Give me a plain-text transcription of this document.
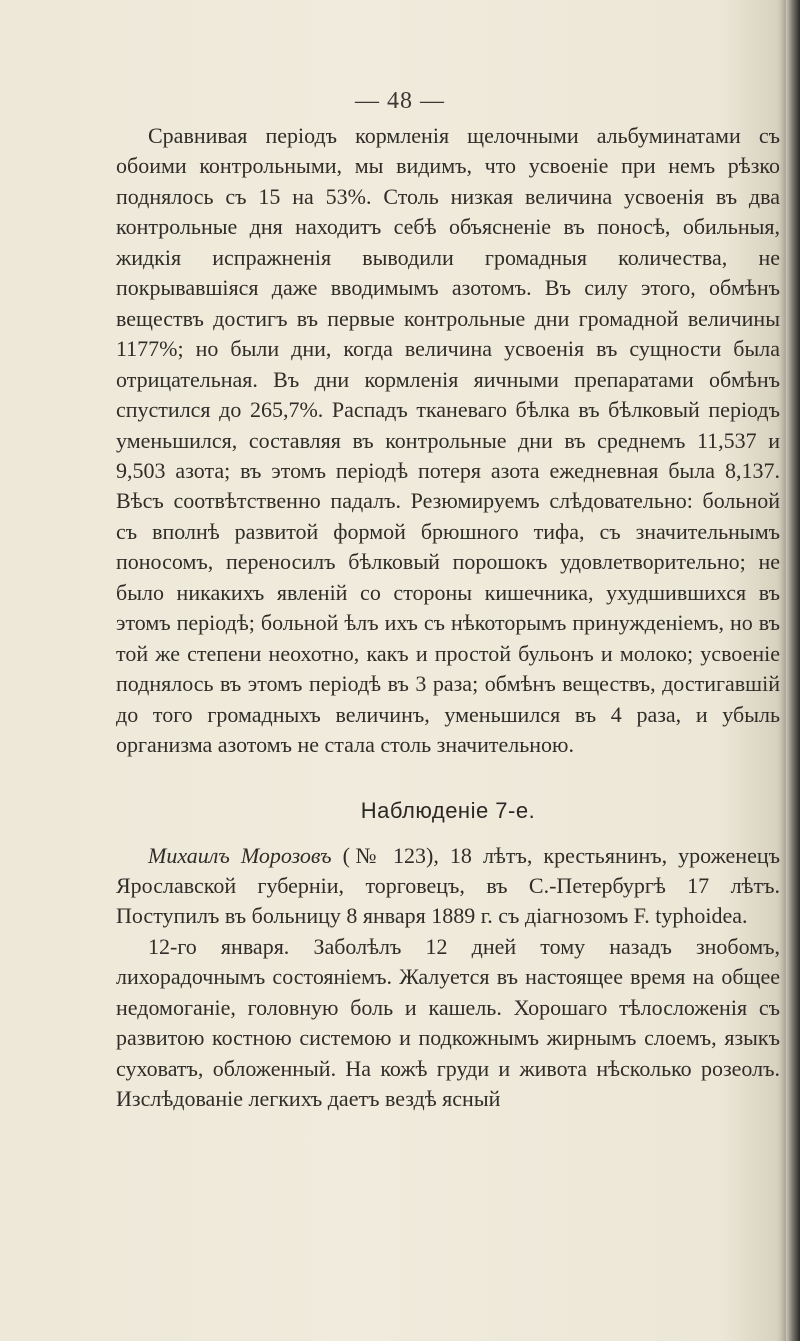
— 48 —

Сравнивая періодъ кормленія щелочными альбуминатами съ обоими контрольными, мы видимъ, что усвоеніе при немъ рѣзко поднялось съ 15 на 53%. Столь низкая величина усвоенія въ два контрольные дня находитъ себѣ объясненіе въ поносѣ, обильныя, жидкія испражненія выводили громадныя количества, не покрывавшіяся даже вводимымъ азотомъ. Въ силу этого, обмѣнъ веществъ достигъ въ первые контрольные дни громадной величины 1177%; но были дни, когда величина усвоенія въ сущности была отрицательная. Въ дни кормленія яичными препаратами обмѣнъ спустился до 265,7%. Распадъ тканеваго бѣлка въ бѣлковый періодъ уменьшился, составляя въ контрольные дни въ среднемъ 11,537 и 9,503 азота; въ этомъ періодѣ потеря азота ежедневная была 8,137. Вѣсъ соотвѣтственно падалъ. Резюмируемъ слѣдовательно: больной съ вполнѣ развитой формой брюшного тифа, съ значительнымъ поносомъ, переносилъ бѣлковый порошокъ удовлетворительно; не было никакихъ явленій со стороны кишечника, ухудшившихся въ этомъ періодѣ; больной ѣлъ ихъ съ нѣкоторымъ принужденіемъ, но въ той же степени неохотно, какъ и простой бульонъ и молоко; усвоеніе поднялось въ этомъ періодѣ въ 3 раза; обмѣнъ веществъ, достигавшій до того громадныхъ величинъ, уменьшился въ 4 раза, и убыль организма азотомъ не стала столь значительною.

Наблюденіе 7-е.

Михаилъ Морозовъ (№ 123), 18 лѣтъ, крестьянинъ, уроженецъ Ярославской губерніи, торговецъ, въ С.-Петербургѣ 17 лѣтъ. Поступилъ въ больницу 8 января 1889 г. съ діагнозомъ F. typhoidea.

12-го января. Заболѣлъ 12 дней тому назадъ знобомъ, лихорадочнымъ состояніемъ. Жалуется въ настоящее время на общее недомоганіе, головную боль и кашель. Хорошаго тѣлосложенія съ развитою костною системою и подкожнымъ жирнымъ слоемъ, языкъ суховатъ, обложенный. На кожѣ груди и живота нѣсколько розеолъ. Изслѣдованіе легкихъ даетъ вездѣ ясный
